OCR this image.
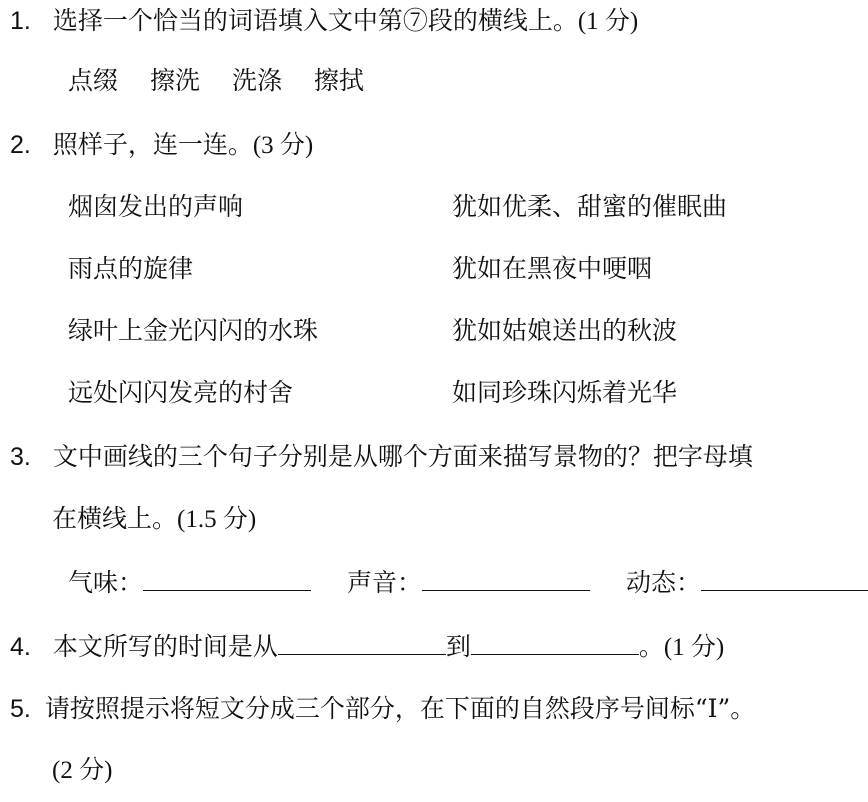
1. 选择一个恰当的词语填入文中第⑦段的横线上。(1 分)
点缀 擦洗 洗涤 擦拭
2. 照样子，连一连。(3 分)
烟囱发出的声响	犹如优柔、甜蜜的催眠曲
雨点的旋律	犹如在黑夜中哽咽
绿叶上金光闪闪的水珠	犹如姑娘送出的秋波
远处闪闪发亮的村舍	如同珍珠闪烁着光华
3. 文中画线的三个句子分别是从哪个方面来描写景物的？把字母填
在横线上。(1.5 分)
气味：	声音：	动态：
4. 本文所写的时间是从	到	。(1 分)
5. 请按照提示将短文分成三个部分，在下面的自然段序号间标“Ⅰ”。
(2 分)
